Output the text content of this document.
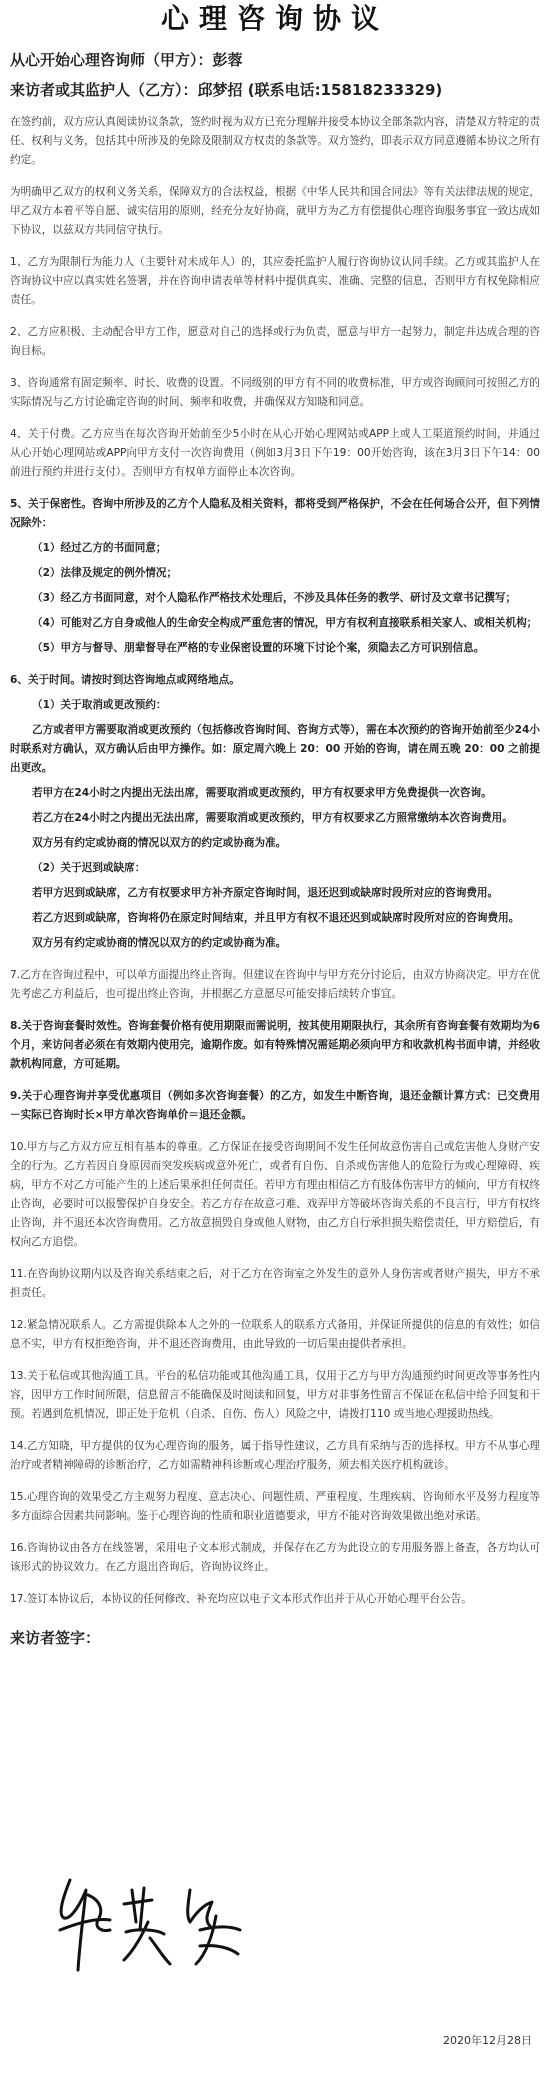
心理咨询协议
从心开始心理咨询师（甲方）：彭蓉
来访者或其监护人（乙方）：邱梦招 (联系电话:15818233329)

在签约前，双方应认真阅读协议条款，签约时视为双方已充分理解并接受本协议全部条款内容，清楚双方特定的责任、权利与义务，包括其中所涉及的免除及限制双方权责的条款等。双方签约，即表示双方同意遵循本协议之所有约定。

为明确甲乙双方的权利义务关系，保障双方的合法权益，根据《中华人民共和国合同法》等有关法律法规的规定，甲乙双方本着平等自愿、诚实信用的原则，经充分友好协商，就甲方为乙方有偿提供心理咨询服务事宜一致达成如下协议，以兹双方共同信守执行。

1、乙方为限制行为能力人（主要针对未成年人）的，其应委托监护人履行咨询协议认同手续。乙方或其监护人在咨询协议中应以真实姓名签署，并在咨询申请表单等材料中提供真实、准确、完整的信息，否则甲方有权免除相应责任。

2、乙方应积极、主动配合甲方工作，愿意对自己的选择或行为负责，愿意与甲方一起努力，制定并达成合理的咨询目标。

3、咨询通常有固定频率、时长、收费的设置。不同级别的甲方有不同的收费标准，甲方或咨询顾问可按照乙方的实际情况与乙方讨论确定咨询的时间、频率和收费，并确保双方知晓和同意。

4、关于付费。乙方应当在每次咨询开始前至少5小时在从心开始心理网站或APP上或人工渠道预约时间，并通过从心开始心理网站或APP向甲方支付一次咨询费用（例如3月3日下午19：00开始咨询，该在3月3日下午14：00前进行预约并进行支付）。否则甲方有权单方面停止本次咨询。

5、关于保密性。咨询中所涉及的乙方个人隐私及相关资料，都将受到严格保护，不会在任何场合公开，但下列情况除外：

（1）经过乙方的书面同意；

（2）法律及规定的例外情况；

（3）经乙方书面同意，对个人隐私作严格技术处理后，不涉及具体任务的教学、研讨及文章书记撰写；

（4）可能对乙方自身或他人的生命安全构成严重危害的情况，甲方有权利直接联系相关家人、或相关机构；

（5）甲方与督导、朋辈督导在严格的专业保密设置的环境下讨论个案，须隐去乙方可识别信息。

6、关于时间。请按时到达咨询地点或网络地点。

（1）关于取消或更改预约：

乙方或者甲方需要取消或更改预约（包括修改咨询时间、咨询方式等），需在本次预约的咨询开始前至少24小时联系对方确认，双方确认后由甲方操作。如：原定周六晚上 20：00 开始的咨询，请在周五晚 20：00 之前提出更改。

若甲方在24小时之内提出无法出席，需要取消或更改预约，甲方有权要求甲方免费提供一次咨询。

若乙方在24小时之内提出无法出席，需要取消或更改预约，甲方有权要求乙方照常缴纳本次咨询费用。

双方另有约定或协商的情况以双方的约定或协商为准。

（2）关于迟到或缺席：

若甲方迟到或缺席，乙方有权要求甲方补齐原定咨询时间，退还迟到或缺席时段所对应的咨询费用。

若乙方迟到或缺席，咨询将仍在原定时间结束，并且甲方有权不退还迟到或缺席时段所对应的咨询费用。

双方另有约定或协商的情况以双方的约定或协商为准。

7.乙方在咨询过程中，可以单方面提出终止咨询。但建议在咨询中与甲方充分讨论后，由双方协商决定。甲方在优先考虑乙方利益后，也可提出终止咨询，并根据乙方意愿尽可能安排后续转介事宜。

8.关于咨询套餐时效性。咨询套餐价格有使用期限而需说明，按其使用期限执行，其余所有咨询套餐有效期均为6个月，来访问者必须在有效期内使用完，逾期作废。如有特殊情况需延期必须向甲方和收款机构书面申请，并经收款机构同意，方可延期。

9.关于心理咨询并享受优惠项目（例如多次咨询套餐）的乙方，如发生中断咨询，退还金额计算方式：已交费用－实际已咨询时长×甲方单次咨询单价＝退还金额。

10.甲方与乙方双方应互相有基本的尊重。乙方保证在接受咨询期间不发生任何故意伤害自己或危害他人身财产安全的行为。乙方若因自身原因而突发疾病或意外死亡，或者有自伤、自杀或伤害他人的危险行为或心理障碍、疾病，甲方不对乙方可能产生的上述后果承担任何责任。若甲方有理由相信乙方有肢体伤害甲方的倾向，甲方有权终止咨询，必要时可以报警保护自身安全。若乙方存在故意刁难、戏弄甲方等破坏咨询关系的不良言行，甲方有权终止咨询，并不退还本次咨询费用。乙方故意损毁自身或他人财物，由乙方自行承担损失赔偿责任，甲方赔偿后，有权向乙方追偿。

11.在咨询协议期内以及咨询关系结束之后，对于乙方在咨询室之外发生的意外人身伤害或者财产损失，甲方不承担责任。

12.紧急情况联系人。乙方需提供除本人之外的一位联系人的联系方式备用，并保证所提供的信息的有效性；如信息不实，甲方有权拒绝咨询，并不退还咨询费用，由此导致的一切后果由提供者承担。

13.关于私信或其他沟通工具。平台的私信功能或其他沟通工具，仅用于乙方与甲方沟通预约时间更改等事务性内容，因甲方工作时间所限，信息留言不能确保及时阅读和回复，甲方对非事务性留言不保证在私信中给予回复和干预。若遇到危机情况，即正处于危机（自杀、自伤、伤人）风险之中，请拨打110 或当地心理援助热线。

14.乙方知晓，甲方提供的仅为心理咨询的服务，属于指导性建议，乙方具有采纳与否的选择权。甲方不从事心理治疗或者精神障碍的诊断治疗，乙方如需精神科诊断或心理治疗服务，须去相关医疗机构就诊。

15.心理咨询的效果受乙方主观努力程度、意志决心、问题性质、严重程度、生理疾病、咨询师水平及努力程度等多方面综合因素共同影响。鉴于心理咨询的性质和职业道德要求，甲方不能对咨询效果做出绝对承诺。

16.咨询协议由各方在线签署，采用电子文本形式制成，并保存在乙方为此设立的专用服务器上备查，各方均认可该形式的协议效力。在乙方退出咨询后，咨询协议终止。

17.签订本协议后，本协议的任何修改、补充均应以电子文本形式作出并于从心开始心理平台公告。

来访者签字：
2020年12月28日
